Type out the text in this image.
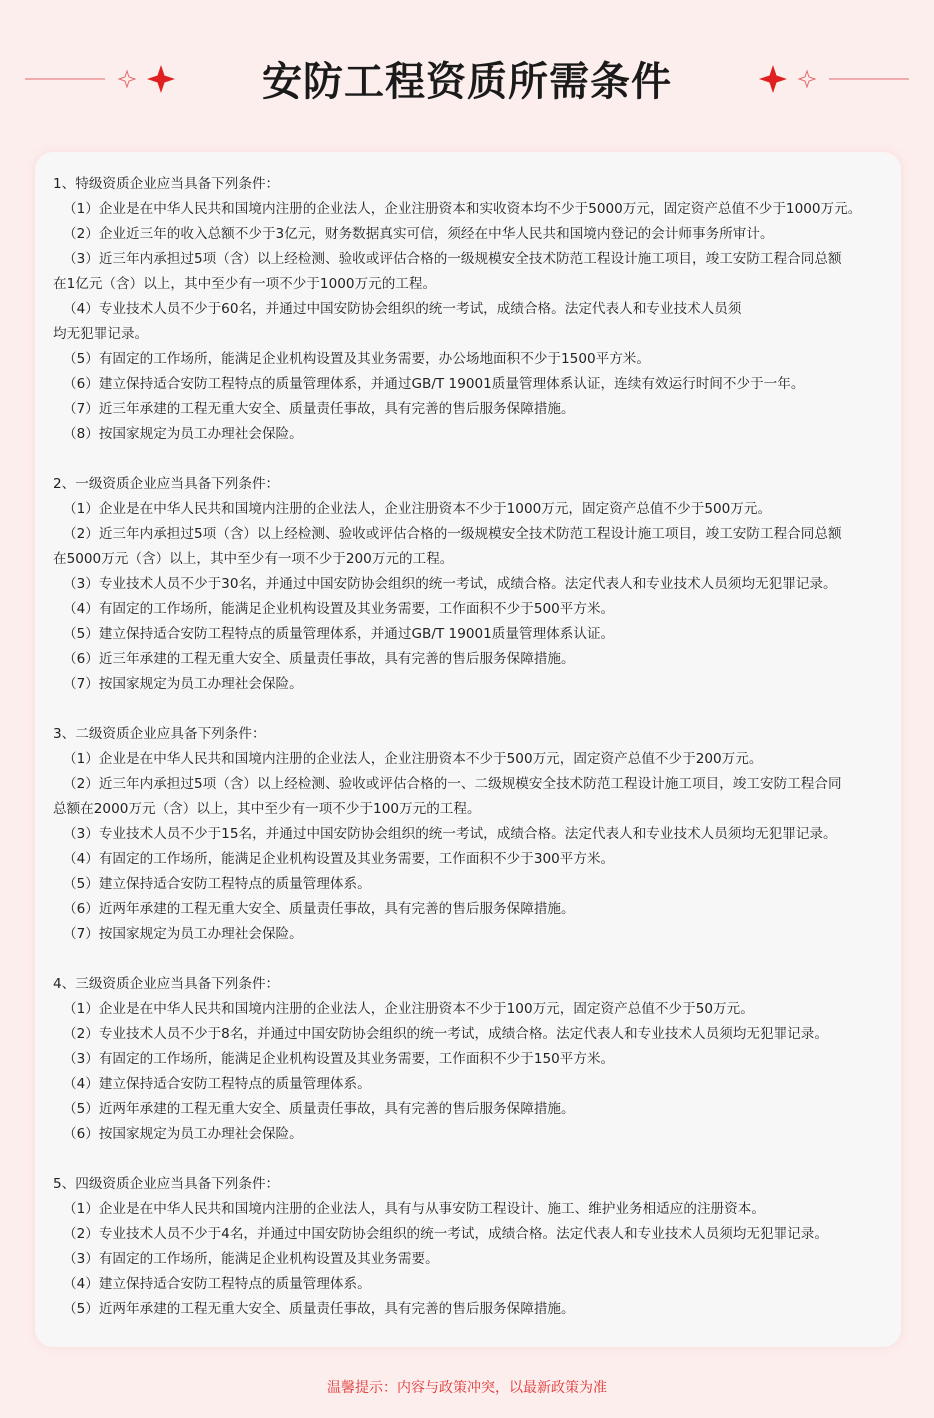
安防工程资质所需条件
1、特级资质企业应当具备下列条件：
（1）企业是在中华人民共和国境内注册的企业法人，企业注册资本和实收资本均不少于5000万元，固定资产总值不少于1000万元。
（2）企业近三年的收入总额不少于3亿元，财务数据真实可信，须经在中华人民共和国境内登记的会计师事务所审计。
（3）近三年内承担过5项（含）以上经检测、验收或评估合格的一级规模安全技术防范工程设计施工项目，竣工安防工程合同总额
在1亿元（含）以上，其中至少有一项不少于1000万元的工程。
（4）专业技术人员不少于60名，并通过中国安防协会组织的统一考试，成绩合格。法定代表人和专业技术人员须
均无犯罪记录。
（5）有固定的工作场所，能满足企业机构设置及其业务需要，办公场地面积不少于1500平方米。
（6）建立保持适合安防工程特点的质量管理体系，并通过GB/T 19001质量管理体系认证，连续有效运行时间不少于一年。
（7）近三年承建的工程无重大安全、质量责任事故，具有完善的售后服务保障措施。
（8）按国家规定为员工办理社会保险。
2、一级资质企业应当具备下列条件：
（1）企业是在中华人民共和国境内注册的企业法人，企业注册资本不少于1000万元，固定资产总值不少于500万元。
（2）近三年内承担过5项（含）以上经检测、验收或评估合格的一级规模安全技术防范工程设计施工项目，竣工安防工程合同总额
在5000万元（含）以上，其中至少有一项不少于200万元的工程。
（3）专业技术人员不少于30名，并通过中国安防协会组织的统一考试，成绩合格。法定代表人和专业技术人员须均无犯罪记录。
（4）有固定的工作场所，能满足企业机构设置及其业务需要，工作面积不少于500平方米。
（5）建立保持适合安防工程特点的质量管理体系，并通过GB/T 19001质量管理体系认证。
（6）近三年承建的工程无重大安全、质量责任事故，具有完善的售后服务保障措施。
（7）按国家规定为员工办理社会保险。
3、二级资质企业应具备下列条件：
（1）企业是在中华人民共和国境内注册的企业法人，企业注册资本不少于500万元，固定资产总值不少于200万元。
（2）近三年内承担过5项（含）以上经检测、验收或评估合格的一、二级规模安全技术防范工程设计施工项目，竣工安防工程合同
总额在2000万元（含）以上，其中至少有一项不少于100万元的工程。
（3）专业技术人员不少于15名，并通过中国安防协会组织的统一考试，成绩合格。法定代表人和专业技术人员须均无犯罪记录。
（4）有固定的工作场所，能满足企业机构设置及其业务需要，工作面积不少于300平方米。
（5）建立保持适合安防工程特点的质量管理体系。
（6）近两年承建的工程无重大安全、质量责任事故，具有完善的售后服务保障措施。
（7）按国家规定为员工办理社会保险。
4、三级资质企业应当具备下列条件：
（1）企业是在中华人民共和国境内注册的企业法人，企业注册资本不少于100万元，固定资产总值不少于50万元。
（2）专业技术人员不少于8名，并通过中国安防协会组织的统一考试，成绩合格。法定代表人和专业技术人员须均无犯罪记录。
（3）有固定的工作场所，能满足企业机构设置及其业务需要，工作面积不少于150平方米。
（4）建立保持适合安防工程特点的质量管理体系。
（5）近两年承建的工程无重大安全、质量责任事故，具有完善的售后服务保障措施。
（6）按国家规定为员工办理社会保险。
5、四级资质企业应当具备下列条件：
（1）企业是在中华人民共和国境内注册的企业法人，具有与从事安防工程设计、施工、维护业务相适应的注册资本。
（2）专业技术人员不少于4名，并通过中国安防协会组织的统一考试，成绩合格。法定代表人和专业技术人员须均无犯罪记录。
（3）有固定的工作场所，能满足企业机构设置及其业务需要。
（4）建立保持适合安防工程特点的质量管理体系。
（5）近两年承建的工程无重大安全、质量责任事故，具有完善的售后服务保障措施。
温馨提示：内容与政策冲突，以最新政策为准
